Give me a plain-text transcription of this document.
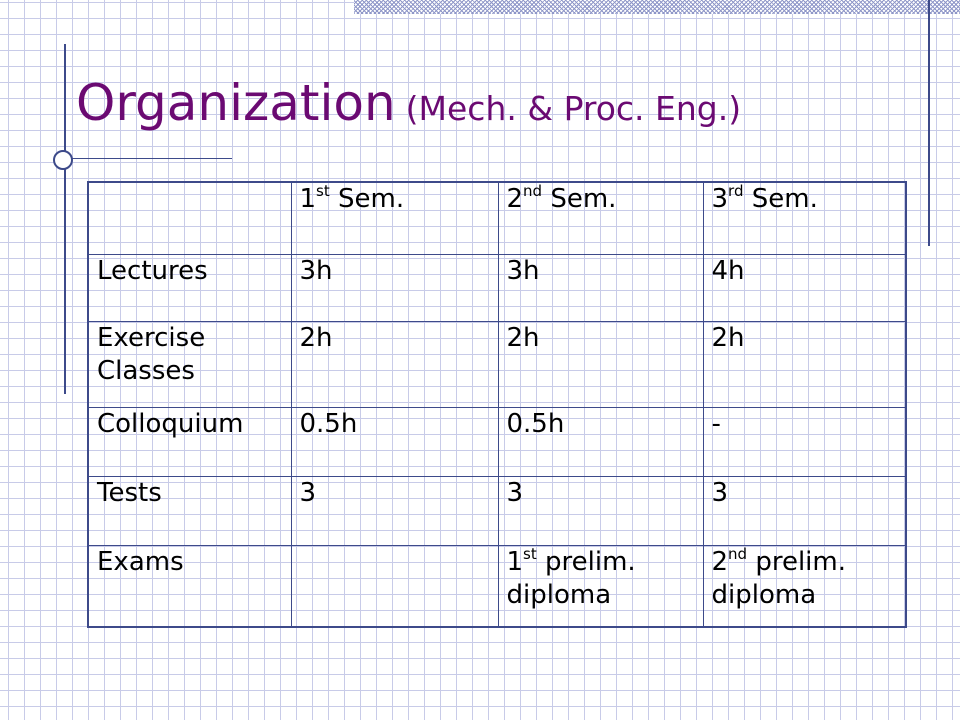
Organization (Mech. & Proc. Eng.)
	1st Sem.	2nd Sem.	3rd Sem.
Lectures	3h	3h	4h
Exercise Classes	2h	2h	2h
Colloquium	0.5h	0.5h	-
Tests	3	3	3
Exams		1st prelim. diploma	2nd prelim. diploma
